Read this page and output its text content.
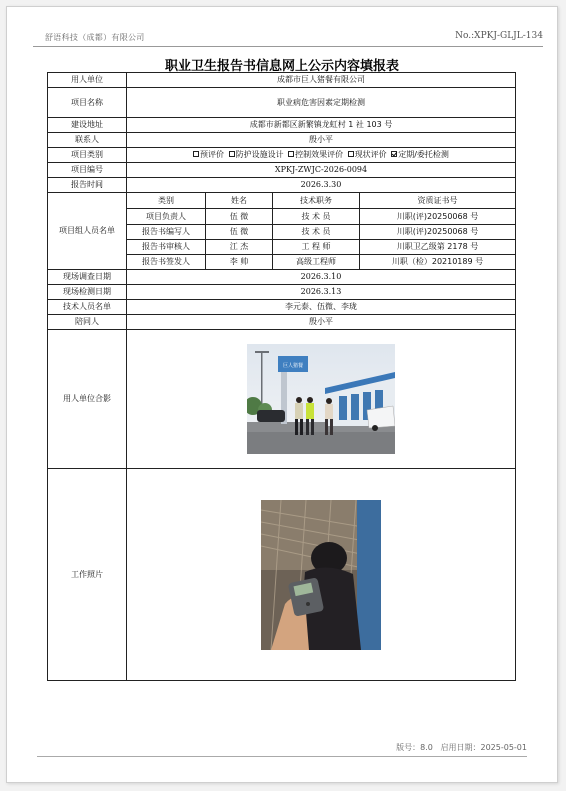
舒语科技（成都）有限公司	No.:XPKJ-GLJL-134
职业卫生报告书信息网上公示内容填报表
用人单位	成都市巨人猪餐有限公司			
项目名称	职业病危害因素定期检测			
建设地址	成都市新都区新繁镇龙虹村 1 社 103 号			
联系人	殷小平			
项目类别	预评价 防护设施设计 控制效果评价 现状评价 定期/委托检测			
项目编号	XPKJ-ZWJC-2026-0094			
报告时间	2026.3.30			
项目组人员名单	类别	姓名	技术职务	资质证书号
	项目负责人	伍 微	技 术 员	川职(评)20250068 号
	报告书编写人	伍 微	技 术 员	川职(评)20250068 号
	报告书审核人	江 杰	工 程 师	川职卫乙级第 2178 号
	报告书签发人	李 帅	高级工程师	川职（检）20210189 号
现场调查日期	2026.3.10			
现场检测日期	2026.3.13			
技术人员名单	李元泰、伍微、李珑			
陪同人	殷小平			
用人单位合影	巨人猪餐			

工作照片	
版号：8.0 启用日期：2025-05-01
